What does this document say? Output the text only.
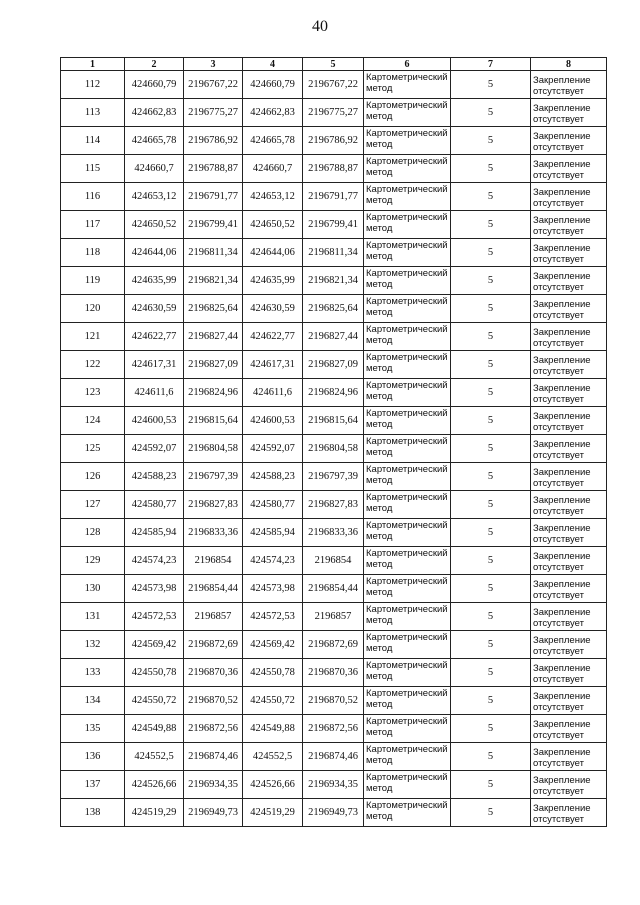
40
1	2	3	4	5	6	7	8
112	424660,79	2196767,22	424660,79	2196767,22	Картометрический метод	5	Закрепление отсутствует
113	424662,83	2196775,27	424662,83	2196775,27	Картометрический метод	5	Закрепление отсутствует
114	424665,78	2196786,92	424665,78	2196786,92	Картометрический метод	5	Закрепление отсутствует
115	424660,7	2196788,87	424660,7	2196788,87	Картометрический метод	5	Закрепление отсутствует
116	424653,12	2196791,77	424653,12	2196791,77	Картометрический метод	5	Закрепление отсутствует
117	424650,52	2196799,41	424650,52	2196799,41	Картометрический метод	5	Закрепление отсутствует
118	424644,06	2196811,34	424644,06	2196811,34	Картометрический метод	5	Закрепление отсутствует
119	424635,99	2196821,34	424635,99	2196821,34	Картометрический метод	5	Закрепление отсутствует
120	424630,59	2196825,64	424630,59	2196825,64	Картометрический метод	5	Закрепление отсутствует
121	424622,77	2196827,44	424622,77	2196827,44	Картометрический метод	5	Закрепление отсутствует
122	424617,31	2196827,09	424617,31	2196827,09	Картометрический метод	5	Закрепление отсутствует
123	424611,6	2196824,96	424611,6	2196824,96	Картометрический метод	5	Закрепление отсутствует
124	424600,53	2196815,64	424600,53	2196815,64	Картометрический метод	5	Закрепление отсутствует
125	424592,07	2196804,58	424592,07	2196804,58	Картометрический метод	5	Закрепление отсутствует
126	424588,23	2196797,39	424588,23	2196797,39	Картометрический метод	5	Закрепление отсутствует
127	424580,77	2196827,83	424580,77	2196827,83	Картометрический метод	5	Закрепление отсутствует
128	424585,94	2196833,36	424585,94	2196833,36	Картометрический метод	5	Закрепление отсутствует
129	424574,23	2196854	424574,23	2196854	Картометрический метод	5	Закрепление отсутствует
130	424573,98	2196854,44	424573,98	2196854,44	Картометрический метод	5	Закрепление отсутствует
131	424572,53	2196857	424572,53	2196857	Картометрический метод	5	Закрепление отсутствует
132	424569,42	2196872,69	424569,42	2196872,69	Картометрический метод	5	Закрепление отсутствует
133	424550,78	2196870,36	424550,78	2196870,36	Картометрический метод	5	Закрепление отсутствует
134	424550,72	2196870,52	424550,72	2196870,52	Картометрический метод	5	Закрепление отсутствует
135	424549,88	2196872,56	424549,88	2196872,56	Картометрический метод	5	Закрепление отсутствует
136	424552,5	2196874,46	424552,5	2196874,46	Картометрический метод	5	Закрепление отсутствует
137	424526,66	2196934,35	424526,66	2196934,35	Картометрический метод	5	Закрепление отсутствует
138	424519,29	2196949,73	424519,29	2196949,73	Картометрический метод	5	Закрепление отсутствует
